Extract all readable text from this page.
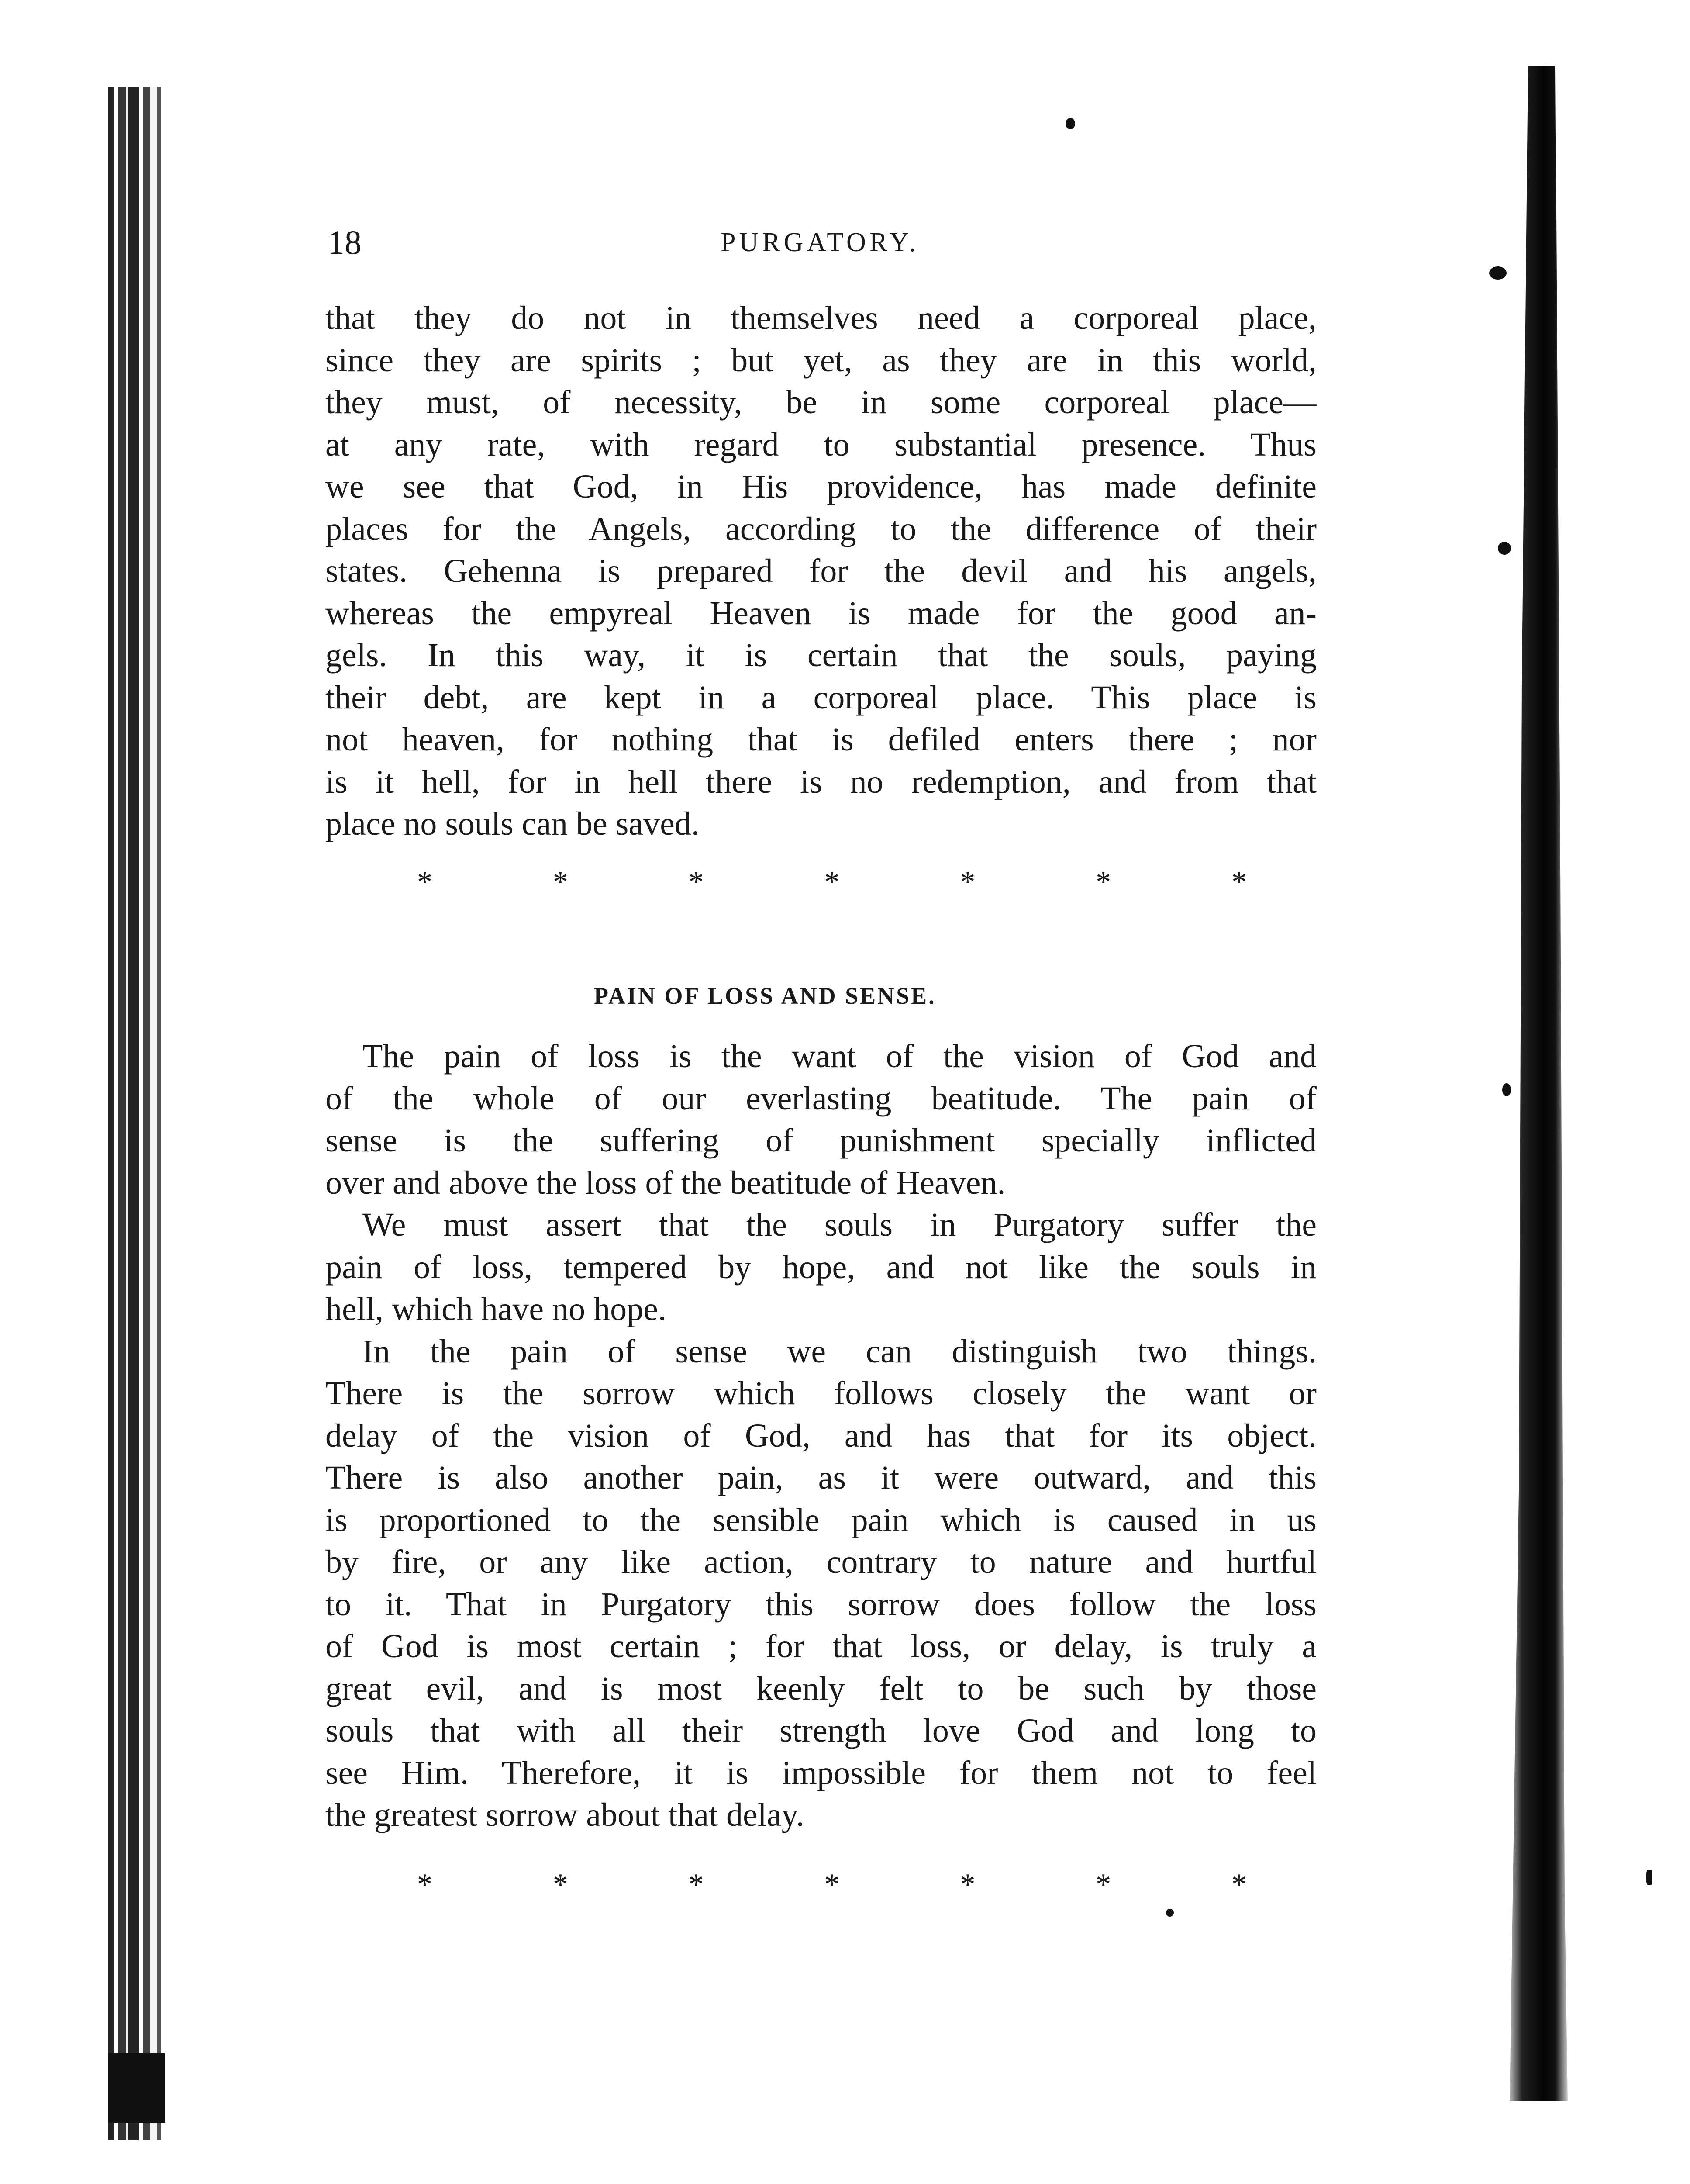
18	PURGATORY.
that they do not in themselves need a corporeal place,
since they are spirits ; but yet, as they are in this world,
they must, of necessity, be in some corporeal place—
at any rate, with regard to substantial presence. Thus
we see that God, in His providence, has made definite
places for the Angels, according to the difference of their
states. Gehenna is prepared for the devil and his angels,
whereas the empyreal Heaven is made for the good an-
gels. In this way, it is certain that the souls, paying
their debt, are kept in a corporeal place. This place is
not heaven, for nothing that is defiled enters there ; nor
is it hell, for in hell there is no redemption, and from that
place no souls can be saved.
*	*	*	*	*	*	*
PAIN OF LOSS AND SENSE.
The pain of loss is the want of the vision of God and
of the whole of our everlasting beatitude. The pain of
sense is the suffering of punishment specially inflicted
over and above the loss of the beatitude of Heaven.
We must assert that the souls in Purgatory suffer the
pain of loss, tempered by hope, and not like the souls in
hell, which have no hope.
In the pain of sense we can distinguish two things.
There is the sorrow which follows closely the want or
delay of the vision of God, and has that for its object.
There is also another pain, as it were outward, and this
is proportioned to the sensible pain which is caused in us
by fire, or any like action, contrary to nature and hurtful
to it. That in Purgatory this sorrow does follow the loss
of God is most certain ; for that loss, or delay, is truly a
great evil, and is most keenly felt to be such by those
souls that with all their strength love God and long to
see Him. Therefore, it is impossible for them not to feel
the greatest sorrow about that delay.
*	*	*	*	*	*	*
